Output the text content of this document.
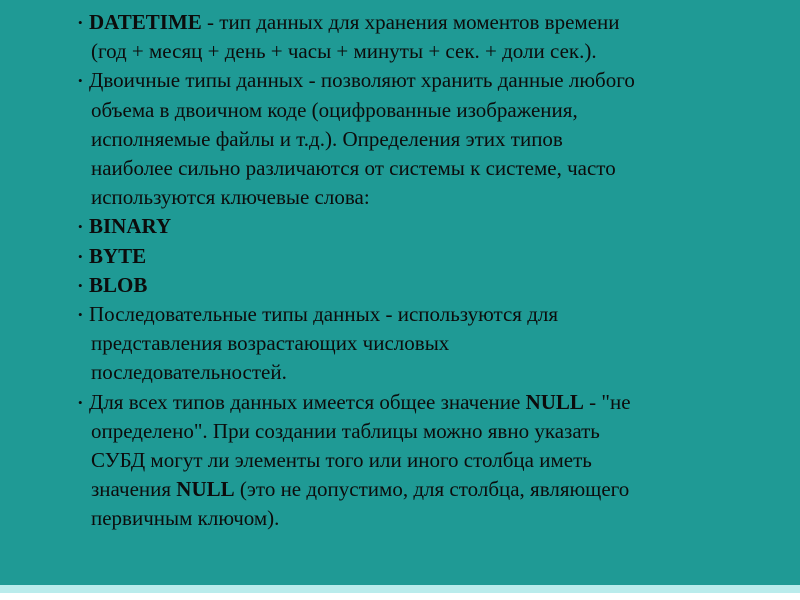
• DATETIME - тип данных для хранения моментов времени
(год + месяц + день + часы + минуты + сек. + доли сек.).
• Двоичные типы данных - позволяют хранить данные любого
объема в двоичном коде (оцифрованные изображения,
исполняемые файлы и т.д.). Определения этих типов
наиболее сильно различаются от системы к системе, часто
используются ключевые слова:
• BINARY
• BYTE
• BLOB
• Последовательные типы данных - используются для
представления возрастающих числовых
последовательностей.
• Для всех типов данных имеется общее значение NULL - "не
определено". При создании таблицы можно явно указать
СУБД могут ли элементы того или иного столбца иметь
значения NULL (это не допустимо, для столбца, являющего
первичным ключом).
